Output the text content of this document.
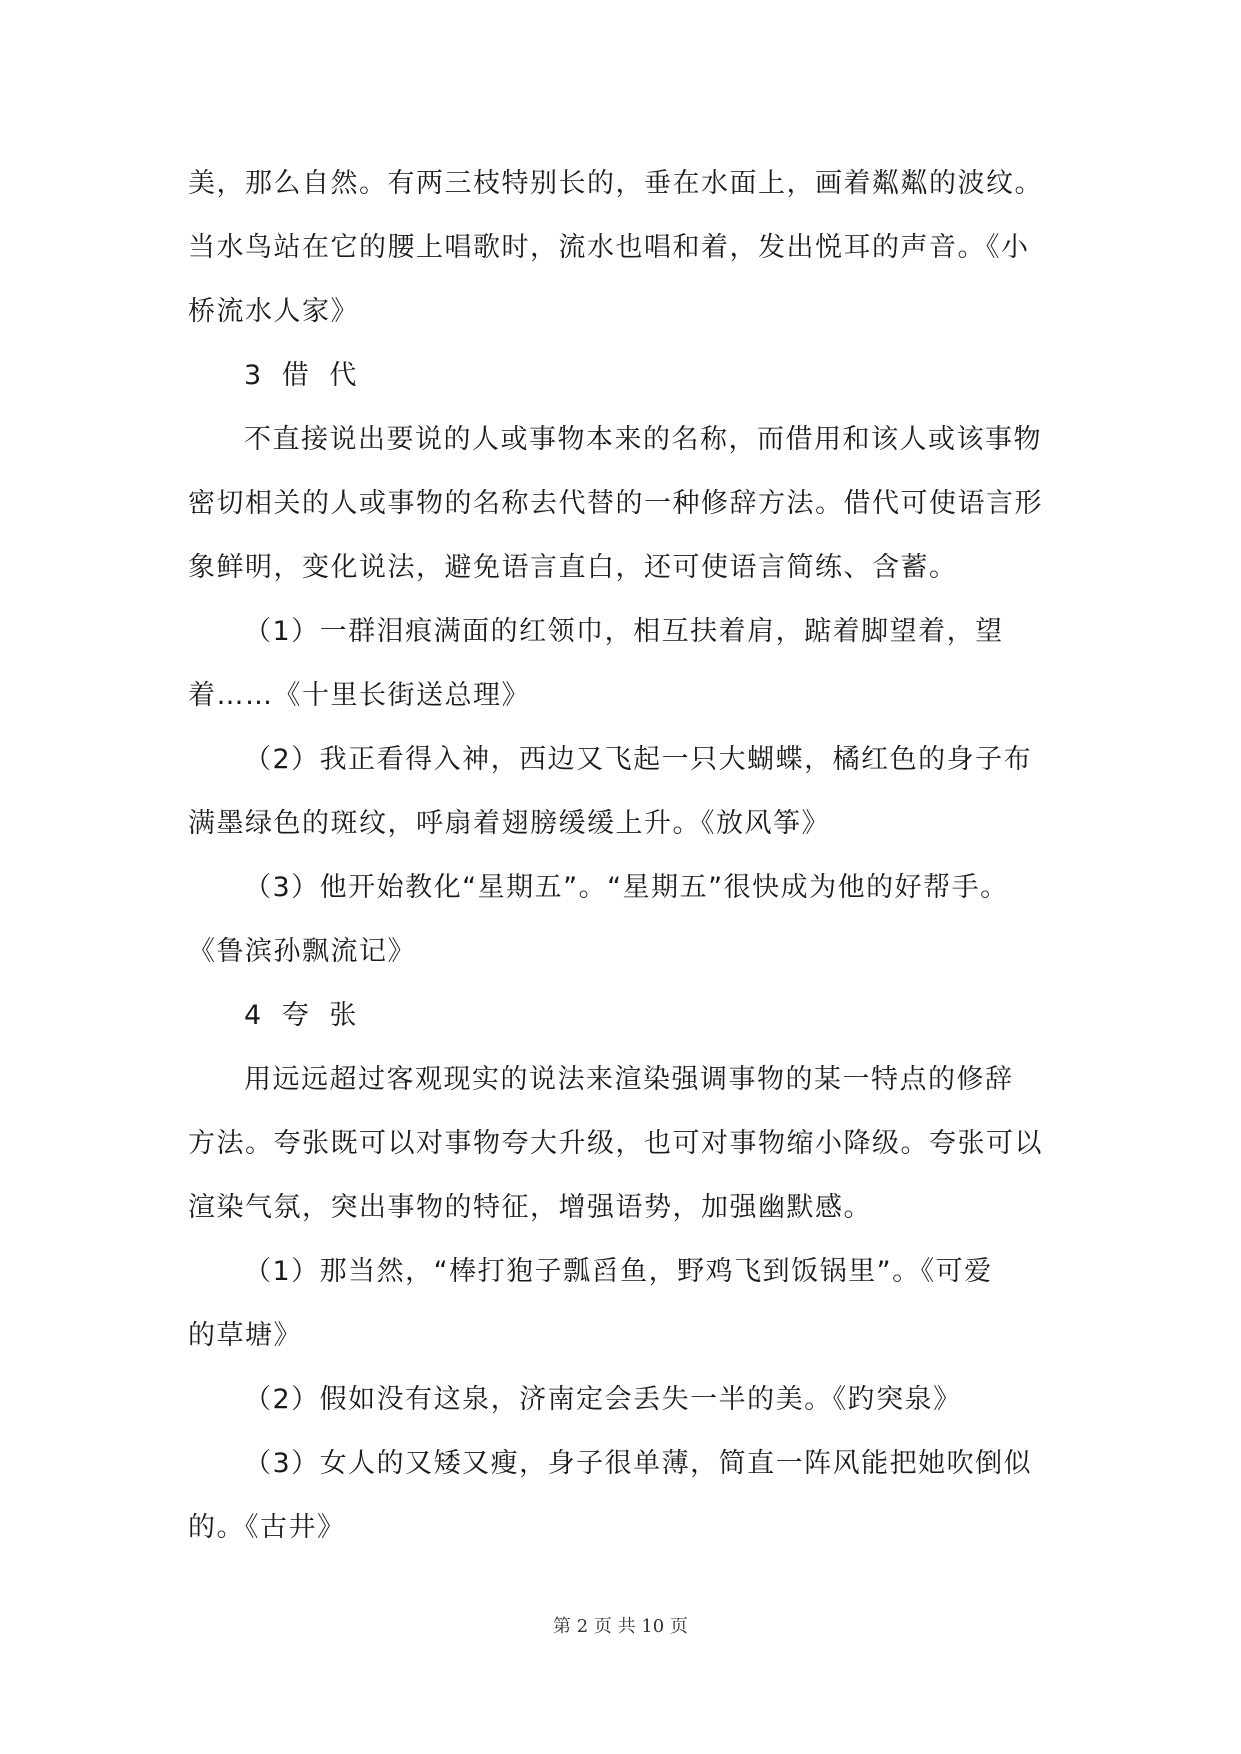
美，那么自然。有两三枝特别长的，垂在水面上，画着粼粼的波纹。
当水鸟站在它的腰上唱歌时，流水也唱和着，发出悦耳的声音。《小
桥流水人家》
3 借 代
不直接说出要说的人或事物本来的名称，而借用和该人或该事物
密切相关的人或事物的名称去代替的一种修辞方法。借代可使语言形
象鲜明，变化说法，避免语言直白，还可使语言简练、含蓄。
（1）一群泪痕满面的红领巾，相互扶着肩，踮着脚望着，望
着……《十里长街送总理》
（2）我正看得入神，西边又飞起一只大蝴蝶，橘红色的身子布
满墨绿色的斑纹，呼扇着翅膀缓缓上升。《放风筝》
（3）他开始教化“星期五”。“星期五”很快成为他的好帮手。
《鲁滨孙飘流记》
4 夸 张
用远远超过客观现实的说法来渲染强调事物的某一特点的修辞
方法。夸张既可以对事物夸大升级，也可对事物缩小降级。夸张可以
渲染气氛，突出事物的特征，增强语势，加强幽默感。
（1）那当然，“棒打狍子瓢舀鱼，野鸡飞到饭锅里”。《可爱
的草塘》
（2）假如没有这泉，济南定会丢失一半的美。《趵突泉》
（3）女人的又矮又瘦，身子很单薄，简直一阵风能把她吹倒似
的。《古井》
第 2 页 共 10 页
